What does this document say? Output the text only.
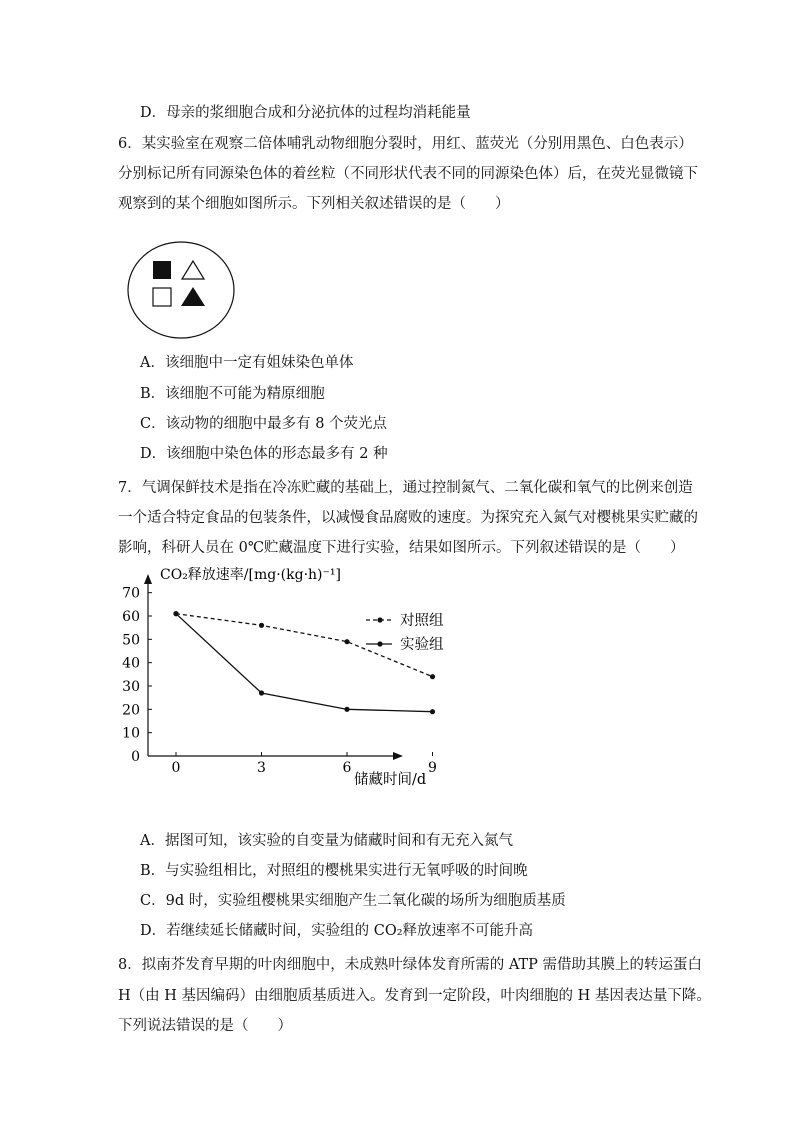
D．母亲的浆细胞合成和分泌抗体的过程均消耗能量
6．某实验室在观察二倍体哺乳动物细胞分裂时，用红、蓝荧光（分别用黑色、白色表示）
分别标记所有同源染色体的着丝粒（不同形状代表不同的同源染色体）后，在荧光显微镜下
观察到的某个细胞如图所示。下列相关叙述错误的是（　　）
A．该细胞中一定有姐妹染色单体
B．该细胞不可能为精原细胞
C．该动物的细胞中最多有 8 个荧光点
D．该细胞中染色体的形态最多有 2 种
7．气调保鲜技术是指在冷冻贮藏的基础上，通过控制氮气、二氧化碳和氧气的比例来创造
一个适合特定食品的包装条件，以减慢食品腐败的速度。为探究充入氮气对樱桃果实贮藏的
影响，科研人员在 0℃贮藏温度下进行实验，结果如图所示。下列叙述错误的是（　　）
0
10
20
30
40
50
60
70
0	3	6	9
对照组
实验组
CO₂释放速率/[mg·(kg·h)⁻¹]
储藏时间/d
A．据图可知，该实验的自变量为储藏时间和有无充入氮气
B．与实验组相比，对照组的樱桃果实进行无氧呼吸的时间晚
C．9d 时，实验组樱桃果实细胞产生二氧化碳的场所为细胞质基质
D．若继续延长储藏时间，实验组的 CO₂释放速率不可能升高
8．拟南芥发育早期的叶肉细胞中，未成熟叶绿体发育所需的 ATP 需借助其膜上的转运蛋白
H（由 H 基因编码）由细胞质基质进入。发育到一定阶段，叶肉细胞的 H 基因表达量下降。
下列说法错误的是（　　）
